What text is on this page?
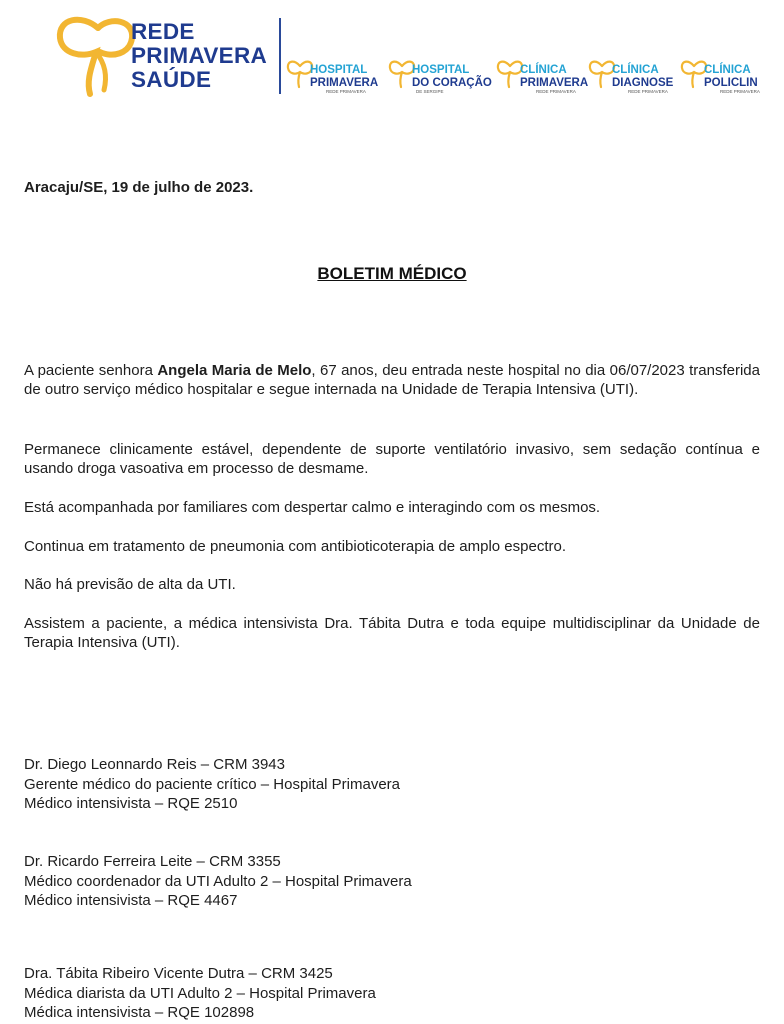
REDE
PRIMAVERA
SAÚDE	HOSPITAL
PRIMAVERA
REDE PRIMAVERA
HOSPITAL
DO CORAÇÃO
DE SERGIPE
CLÍNICA
PRIMAVERA
REDE PRIMAVERA
CLÍNICA
DIAGNOSE
REDE PRIMAVERA
CLÍNICA
POLICLIN
REDE PRIMAVERA
Aracaju/SE, 19 de julho de 2023.
BOLETIM MÉDICO
A paciente senhora Angela Maria de Melo, 67 anos, deu entrada neste hospital no dia 06/07/2023 transferida de outro serviço médico hospitalar e segue internada na Unidade de Terapia Intensiva (UTI).
Permanece clinicamente estável, dependente de suporte ventilatório invasivo, sem sedação contínua e usando droga vasoativa em processo de desmame.
Está acompanhada por familiares com despertar calmo e interagindo com os mesmos.
Continua em tratamento de pneumonia com antibioticoterapia de amplo espectro.
Não há previsão de alta da UTI.
Assistem a paciente, a médica intensivista Dra. Tábita Dutra e toda equipe multidisciplinar da Unidade de Terapia Intensiva (UTI).
Dr. Diego Leonnardo Reis – CRM 3943
Gerente médico do paciente crítico – Hospital Primavera
Médico intensivista – RQE 2510
Dr. Ricardo Ferreira Leite – CRM 3355
Médico coordenador da UTI Adulto 2 – Hospital Primavera
Médico intensivista – RQE 4467
Dra. Tábita Ribeiro Vicente Dutra – CRM 3425
Médica diarista da UTI Adulto 2 – Hospital Primavera
Médica intensivista – RQE 102898
